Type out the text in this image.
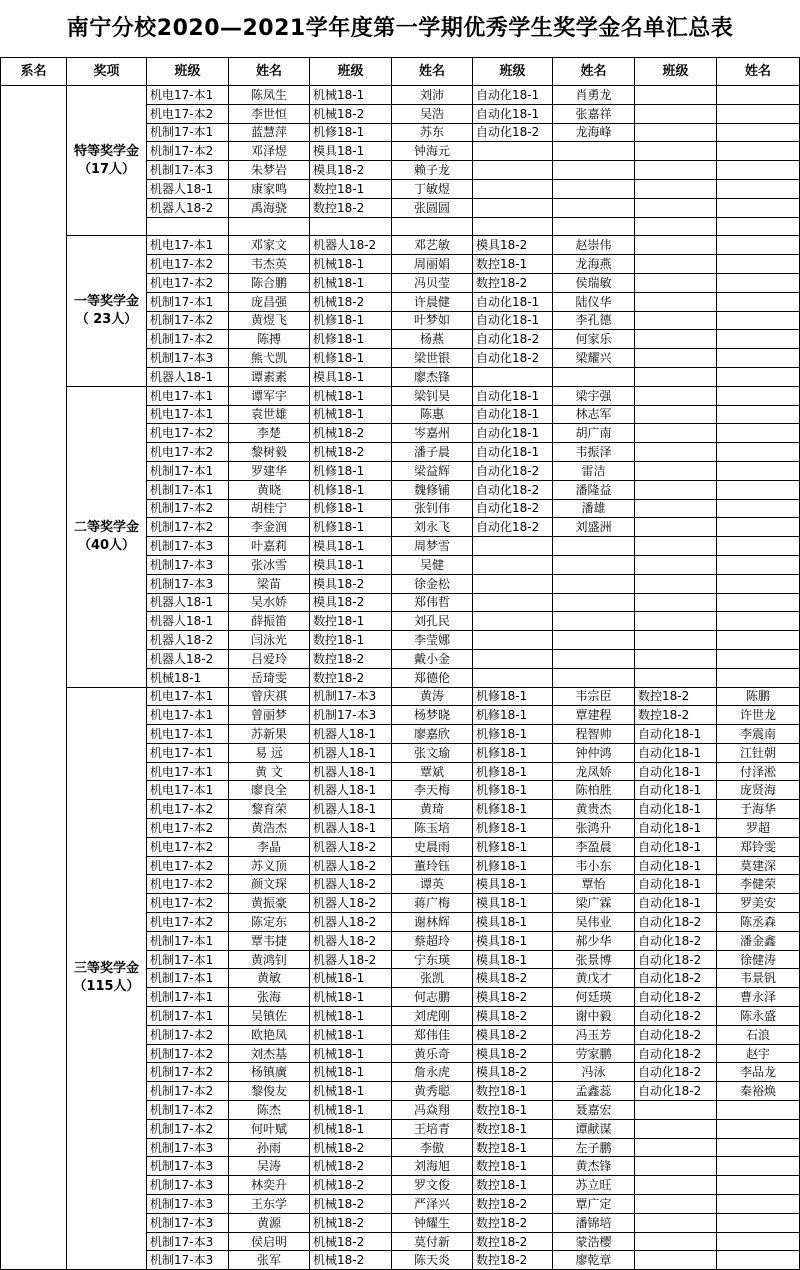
南宁分校2020—2021学年度第一学期优秀学生奖学金名单汇总表
系名	奖项	班级	姓名	班级	姓名	班级	姓名	班级	姓名
	特等奖学金
（17人）	机电17-本1	陈凤生	机械18-1	刘沛	自动化18-1	肖勇龙		
		机电17-本2	李世恒	机械18-2	吴浩	自动化18-1	张嘉祥		
		机制17-本1	蓝慧萍	机修18-1	苏东	自动化18-2	龙海峰		
		机制17-本2	邓泽煜	模具18-1	钟海元				
		机制17-本3	朱梦岩	模具18-2	赖子龙				
		机器人18-1	康家鸣	数控18-1	丁敏煜				
		机器人18-2	禹海骁	数控18-2	张圆圆				

	一等奖学金
（ 23人）	机电17-本1	邓家文	机器人18-2	邓艺敏	模具18-2	赵崇伟		
		机电17-本2	韦杰英	机械18-1	周丽娟	数控18-1	龙海燕		
		机电17-本2	陈合鹏	机械18-1	冯贝莹	数控18-2	侯瑞敏		
		机制17-本1	庞昌强	机械18-2	许晨健	自动化18-1	陆仪华		
		机制17-本2	黄煜飞	机修18-1	叶梦如	自动化18-1	李孔德		
		机制17-本2	陈搏	机修18-1	杨燕	自动化18-2	何家乐		
		机制17-本3	熊弋凯	机修18-1	梁世银	自动化18-2	梁耀兴		
		机器人18-1	谭素素	模具18-1	廖杰锋				
	二等奖学金
（40人）	机电17-本1	谭军宇	机械18-1	梁钊昊	自动化18-1	梁宇强		
		机电17-本1	袁世雄	机械18-1	陈惠	自动化18-1	林志军		
		机电17-本2	李楚	机械18-2	岑嘉州	自动化18-1	胡广南		
		机电17-本2	黎树毅	机械18-2	潘子晨	自动化18-1	韦振泽		
		机制17-本1	罗建华	机修18-1	梁益辉	自动化18-2	雷洁		
		机制17-本1	黄晓	机修18-1	魏修铺	自动化18-2	潘隆益		
		机制17-本2	胡桂宁	机修18-1	张钊伟	自动化18-2	潘雄		
		机制17-本2	李金润	机修18-1	刘永飞	自动化18-2	刘盛洲		
		机制17-本3	叶嘉莉	模具18-1	周梦雪				
		机制17-本3	张冰雪	模具18-1	吴健				
		机制17-本3	梁苗	模具18-2	徐金松				
		机器人18-1	吴水娇	模具18-2	郑伟哲				
		机器人18-1	薛振笛	数控18-1	刘孔民				
		机器人18-2	闫泳光	数控18-1	李莹娜				
		机器人18-2	吕爱玲	数控18-2	戴小金				
		机械18-1	岳琦雯	数控18-2	郑德伦				
	三等奖学金
（115人）	机电17-本1	曾庆祺	机制17-本3	黄涛	机修18-1	韦宗臣	数控18-2	陈鹏
		机电17-本1	曾丽梦	机制17-本3	杨梦晓	机修18-1	覃建程	数控18-2	许世龙
		机电17-本1	苏新果	机器人18-1	廖嘉欣	机修18-1	程智帅	自动化18-1	李震南
		机电17-本1	易 远	机器人18-1	张文瑜	机修18-1	钟仲鸿	自动化18-1	江钍朝
		机电17-本1	黄 文	机器人18-1	覃斌	机修18-1	龙凤娇	自动化18-1	付泽淞
		机电17-本1	廖良全	机器人18-1	李天梅	机修18-1	陈柏胜	自动化18-1	庞贤海
		机电17-本2	黎育荣	机器人18-1	黄琦	机修18-1	黄贵杰	自动化18-1	于海华
		机电17-本2	黄浩杰	机器人18-1	陈玉培	机修18-1	张鸿升	自动化18-1	罗超
		机电17-本2	李晶	机器人18-2	史晨雨	机修18-1	李盈晨	自动化18-1	郑铃雯
		机电17-本2	苏义顶	机器人18-2	董玲钰	机修18-1	韦小东	自动化18-1	莫建深
		机电17-本2	颜文琛	机器人18-2	谭英	模具18-1	覃怡	自动化18-1	李健荣
		机电17-本2	黄振豪	机器人18-2	蒋广梅	模具18-1	梁广霖	自动化18-1	罗美安
		机电17-本2	陈定东	机器人18-2	谢林辉	模具18-1	吴伟业	自动化18-2	陈丞森
		机制17-本1	覃韦捷	机器人18-2	蔡超玲	模具18-1	郝少华	自动化18-2	潘金鑫
		机制17-本1	黄鸿钊	机器人18-2	宁东瑛	模具18-1	张景博	自动化18-2	徐健涛
		机制17-本1	黄敏	机械18-1	张凯	模具18-2	黄戊才	自动化18-2	韦景钒
		机制17-本1	张海	机械18-1	何志鹏	模具18-2	何廷瑛	自动化18-2	曹永泽
		机制17-本1	吴镇佐	机械18-1	刘虎刚	模具18-2	谢中毅	自动化18-2	陈永盛
		机制17-本2	欧艳凤	机械18-1	郑伟佳	模具18-2	冯玉芳	自动化18-2	石浪
		机制17-本2	刘杰基	机械18-1	黄乐奇	模具18-2	劳家鹏	自动化18-2	赵宇
		机制17-本2	杨镇廣	机械18-1	詹永虎	模具18-2	冯泳	自动化18-2	李品龙
		机制17-本2	黎俊友	机械18-1	黄秀聪	数控18-1	孟鑫蕊	自动化18-2	秦裕焕
		机制17-本2	陈杰	机械18-1	冯焱翔	数控18-1	聂嘉宏		
		机制17-本2	何叶赋	机械18-1	王培青	数控18-1	谭献谋		
		机制17-本3	孙雨	机械18-2	李傲	数控18-1	左子鹏		
		机制17-本3	吴涛	机械18-2	刘海旭	数控18-1	黄杰锋		
		机制17-本3	林奕升	机械18-2	罗文俊	数控18-1	苏立旺		
		机制17-本3	王东学	机械18-2	严泽兴	数控18-2	覃广定		
		机制17-本3	黄源	机械18-2	钟耀生	数控18-2	潘锦培		
		机制17-本3	侯启明	机械18-2	莫付新	数控18-2	蒙浩樱		
		机制17-本3	张军	机械18-2	陈天炎	数控18-2	廖乾章		
